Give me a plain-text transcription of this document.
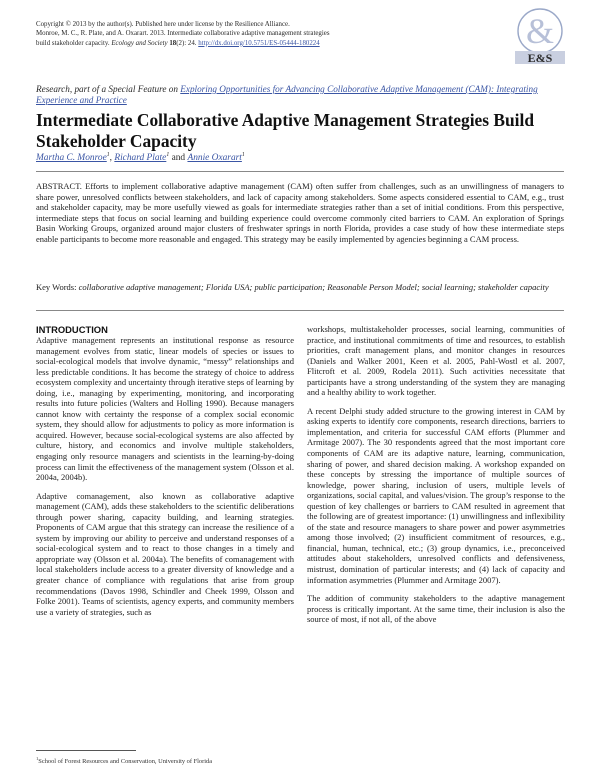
Copyright © 2013 by the author(s). Published here under license by the Resilience Alliance.
Monroe, M. C., R. Plate, and A. Oxarart. 2013. Intermediate collaborative adaptive management strategies
build stakeholder capacity. Ecology and Society 18(2): 24. http://dx.doi.org/10.5751/ES-05444-180224	&
E&S
Research, part of a Special Feature on Exploring Opportunities for Advancing Collaborative Adaptive Management (CAM): Integrating Experience and Practice
Intermediate Collaborative Adaptive Management Strategies Build Stakeholder Capacity
Martha C. Monroe$^1$, Richard Plate$^1$ and Annie Oxarart$^1$

ABSTRACT. Efforts to implement collaborative adaptive management (CAM) often suffer from challenges, such as an unwillingness of managers to share power, unresolved conflicts between stakeholders, and lack of capacity among stakeholders. Some aspects considered essential to CAM, e.g., trust and stakeholder capacity, may be more usefully viewed as goals for intermediate strategies rather than a set of initial conditions. From this perspective, intermediate steps that focus on social learning and building experience could overcome commonly cited barriers to CAM. An exploration of Springs Basin Working Groups, organized around major clusters of freshwater springs in north Florida, provides a case study of how these intermediate steps enable participants to become more reasonable and engaged. This strategy may be easily implemented by agencies beginning a CAM process.

Key Words: collaborative adaptive management; Florida USA; public participation; Reasonable Person Model; social learning; stakeholder capacity

INTRODUCTION

Adaptive management represents an institutional response as resource management evolves from static, linear models of species or issues to social-ecological models that involve dynamic, “messy” relationships and less predictable conditions. It has become the strategy of choice to address ecosystem complexity and uncertainty through iterative steps of learning by doing, i.e., managing by experimenting, monitoring, and incorporating results into future policies (Walters and Holling 1990). Because managers cannot know with certainty the response of a complex social economic system, they should allow for adjustments to policy as more information is acquired. However, because social-ecological systems are also affected by culture, history, and economics and involve multiple stakeholders, engaging only resource managers and scientists in the learning-by-doing process can limit the effectiveness of the management system (Olsson et al. 2004a, 2004b).

Adaptive comanagement, also known as collaborative adaptive management (CAM), adds these stakeholders to the scientific deliberations through power sharing, capacity building, and learning strategies. Proponents of CAM argue that this strategy can increase the resilience of a system by improving our ability to perceive and understand responses of a social-ecological system and to react to those changes in a timely and appropriate way (Olsson et al. 2004a). The benefits of comanagement with local stakeholders include access to a greater diversity of knowledge and a greater chance of compliance with regulations that arise from group recommendations (Davos 1998, Schindler and Cheek 1999, Olsson and Folke 2001). Teams of scientists, agency experts, and community members use a variety of strategies, such as

workshops, multistakeholder processes, social learning, communities of practice, and institutional commitments of time and resources, to establish priorities, craft management plans, and monitor changes in resources (Daniels and Walker 2001, Keen et al. 2005, Pahl-Wostl et al. 2007, Flitcroft et al. 2009, Rodela 2011). Such activities necessitate that participants have a strong understanding of the system they are managing and a healthy ability to work together.

A recent Delphi study added structure to the growing interest in CAM by asking experts to identify core components, research directions, barriers to implementation, and criteria for successful CAM efforts (Plummer and Armitage 2007). The 30 respondents agreed that the most important core components of CAM are its adaptive nature, learning, communication, sharing of power, and shared decision making. A workshop expanded on these concepts by stressing the importance of multiple sources of knowledge, power sharing, inclusion of users, multiple levels of organizations, social capital, and values/vision. The group’s response to the question of key challenges or barriers to CAM resulted in agreement that the following are of greatest importance: (1) unwillingness and inflexibility of the state and resource managers to share power and power asymmetries among those involved; (2) insufficient commitment of resources, e.g., financial, human, technical, etc.; (3) group dynamics, i.e., preconceived attitudes about stakeholders, unresolved conflicts and defensiveness, mistrust, domination of particular interests; and (4) lack of capacity and information asymmetries (Plummer and Armitage 2007).

The addition of community stakeholders to the adaptive management process is critically important. At the same time, their inclusion is also the source of most, if not all, of the above

$^1$School of Forest Resources and Conservation, University of Florida
